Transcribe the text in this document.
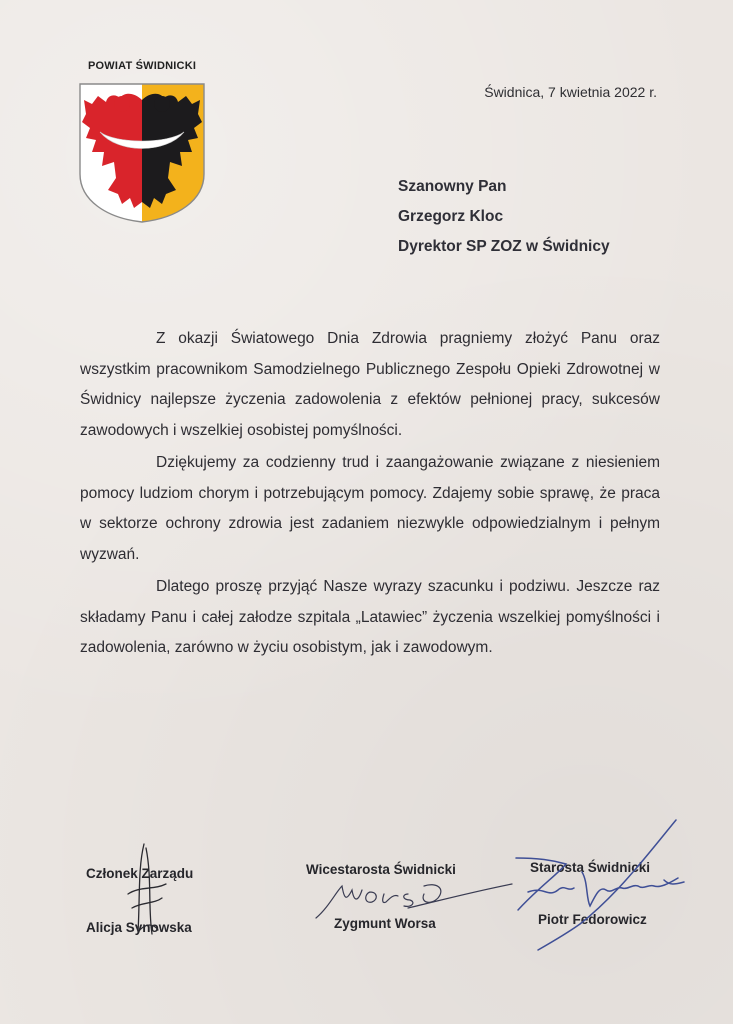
POWIAT ŚWIDNICKI
Świdnica, 7 kwietnia 2022 r.
Szanowny Pan
Grzegorz Kloc
Dyrektor SP ZOZ w Świdnicy

Z okazji Światowego Dnia Zdrowia pragniemy złożyć Panu oraz wszystkim pracownikom Samodzielnego Publicznego Zespołu Opieki Zdrowotnej w Świdnicy najlepsze życzenia zadowolenia z efektów pełnionej pracy, sukcesów zawodowych i wszelkiej osobistej pomyślności.

Dziękujemy za codzienny trud i zaangażowanie związane z niesieniem pomocy ludziom chorym i potrzebującym pomocy. Zdajemy sobie sprawę, że praca w sektorze ochrony zdrowia jest zadaniem niezwykle odpowiedzialnym i pełnym wyzwań.

Dlatego proszę przyjąć Nasze wyrazy szacunku i podziwu. Jeszcze raz składamy Panu i całej załodze szpitala „Latawiec” życzenia wszelkiej pomyślności i zadowolenia, zarówno w życiu osobistym, jak i zawodowym.

Członek Zarządu
Alicja Synowska
Wicestarosta Świdnicki
Zygmunt Worsa
Starosta Świdnicki
Piotr Fedorowicz
